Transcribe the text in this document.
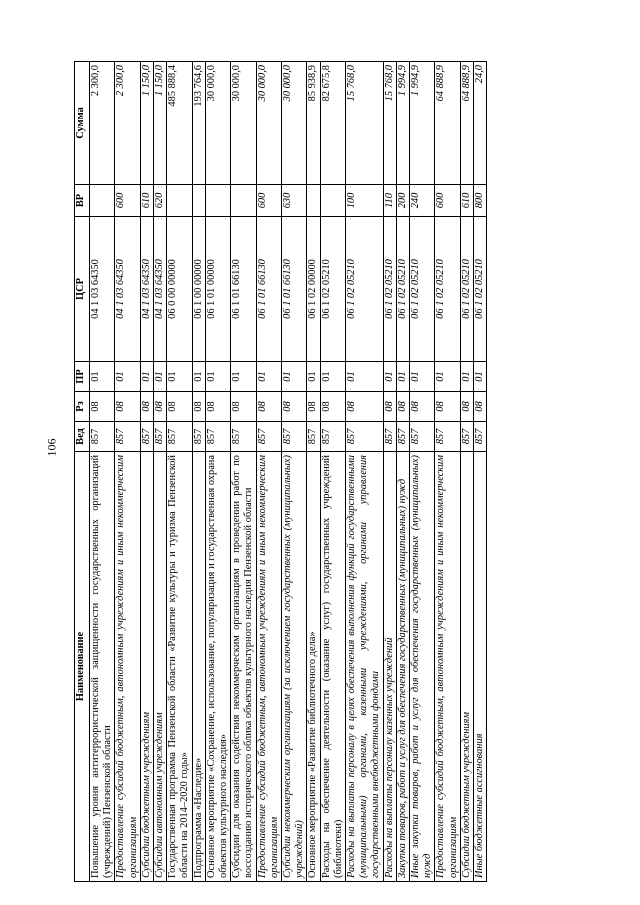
106
Наименование	Вед	Рз	ПР	ЦСР	ВР	Сумма
Повышение уровня антитеррористической защищенности государственных организаций (учреждений) Пензенской области	857	08	01	04 1 03 64350		2 300,0
Предоставление субсидий бюджетным, автономным учреждениям и иным некоммерческим организациям	857	08	01	04 1 03 64350	600	2 300,0
Субсидии бюджетным учреждениям	857	08	01	04 1 03 64350	610	1 150,0
Субсидии автономным учреждениям	857	08	01	04 1 03 64350	620	1 150,0
Государственная программа Пензенской области «Развитие культуры и туризма Пензенской области на 2014–2020 годы»	857	08	01	06 0 00 00000		485 888,4
Подпрограмма «Наследие»	857	08	01	06 1 00 00000		193 764,6
Основное мероприятие «Сохранение, использование, популяризация и государственная охрана объектов культурного наследия»	857	08	01	06 1 01 00000		30 000,0
Субсидии для оказания содействия некоммерческим организациям в проведении работ по воссозданию исторического облика объектов культурного наследия Пензенской области	857	08	01	06 1 01 66130		30 000,0
Предоставление субсидий бюджетным, автономным учреждениям и иным некоммерческим организациям	857	08	01	06 1 01 66130	600	30 000,0
Субсидии некоммерческим организациям (за исключением государственных (муниципальных) учреждений)	857	08	01	06 1 01 66130	630	30 000,0
Основное мероприятие «Развитие библиотечного дела»	857	08	01	06 1 02 00000		85 938,9
Расходы на обеспечение деятельности (оказание услуг) государственных учреждений (библиотеки)	857	08	01	06 1 02 05210		82 675,8
Расходы на выплаты персоналу в целях обеспечения выполнения функций государственными (муниципальными) органами, казенными учреждениями, органами управления государственными внебюджетными фондами	857	08	01	06 1 02 05210	100	15 768,0
Расходы на выплаты персоналу казенных учреждений	857	08	01	06 1 02 05210	110	15 768,0
Закупка товаров, работ и услуг для обеспечения государственных (муниципальных) нужд	857	08	01	06 1 02 05210	200	1 994,9
Иные закупки товаров, работ и услуг для обеспечения государственных (муниципальных) нужд	857	08	01	06 1 02 05210	240	1 994,9
Предоставление субсидий бюджетным, автономным учреждениям и иным некоммерческим организациям	857	08	01	06 1 02 05210	600	64 888,9
Субсидии бюджетным учреждениям	857	08	01	06 1 02 05210	610	64 888,9
Иные бюджетные ассигнования	857	08	01	06 1 02 05210	800	24,0
